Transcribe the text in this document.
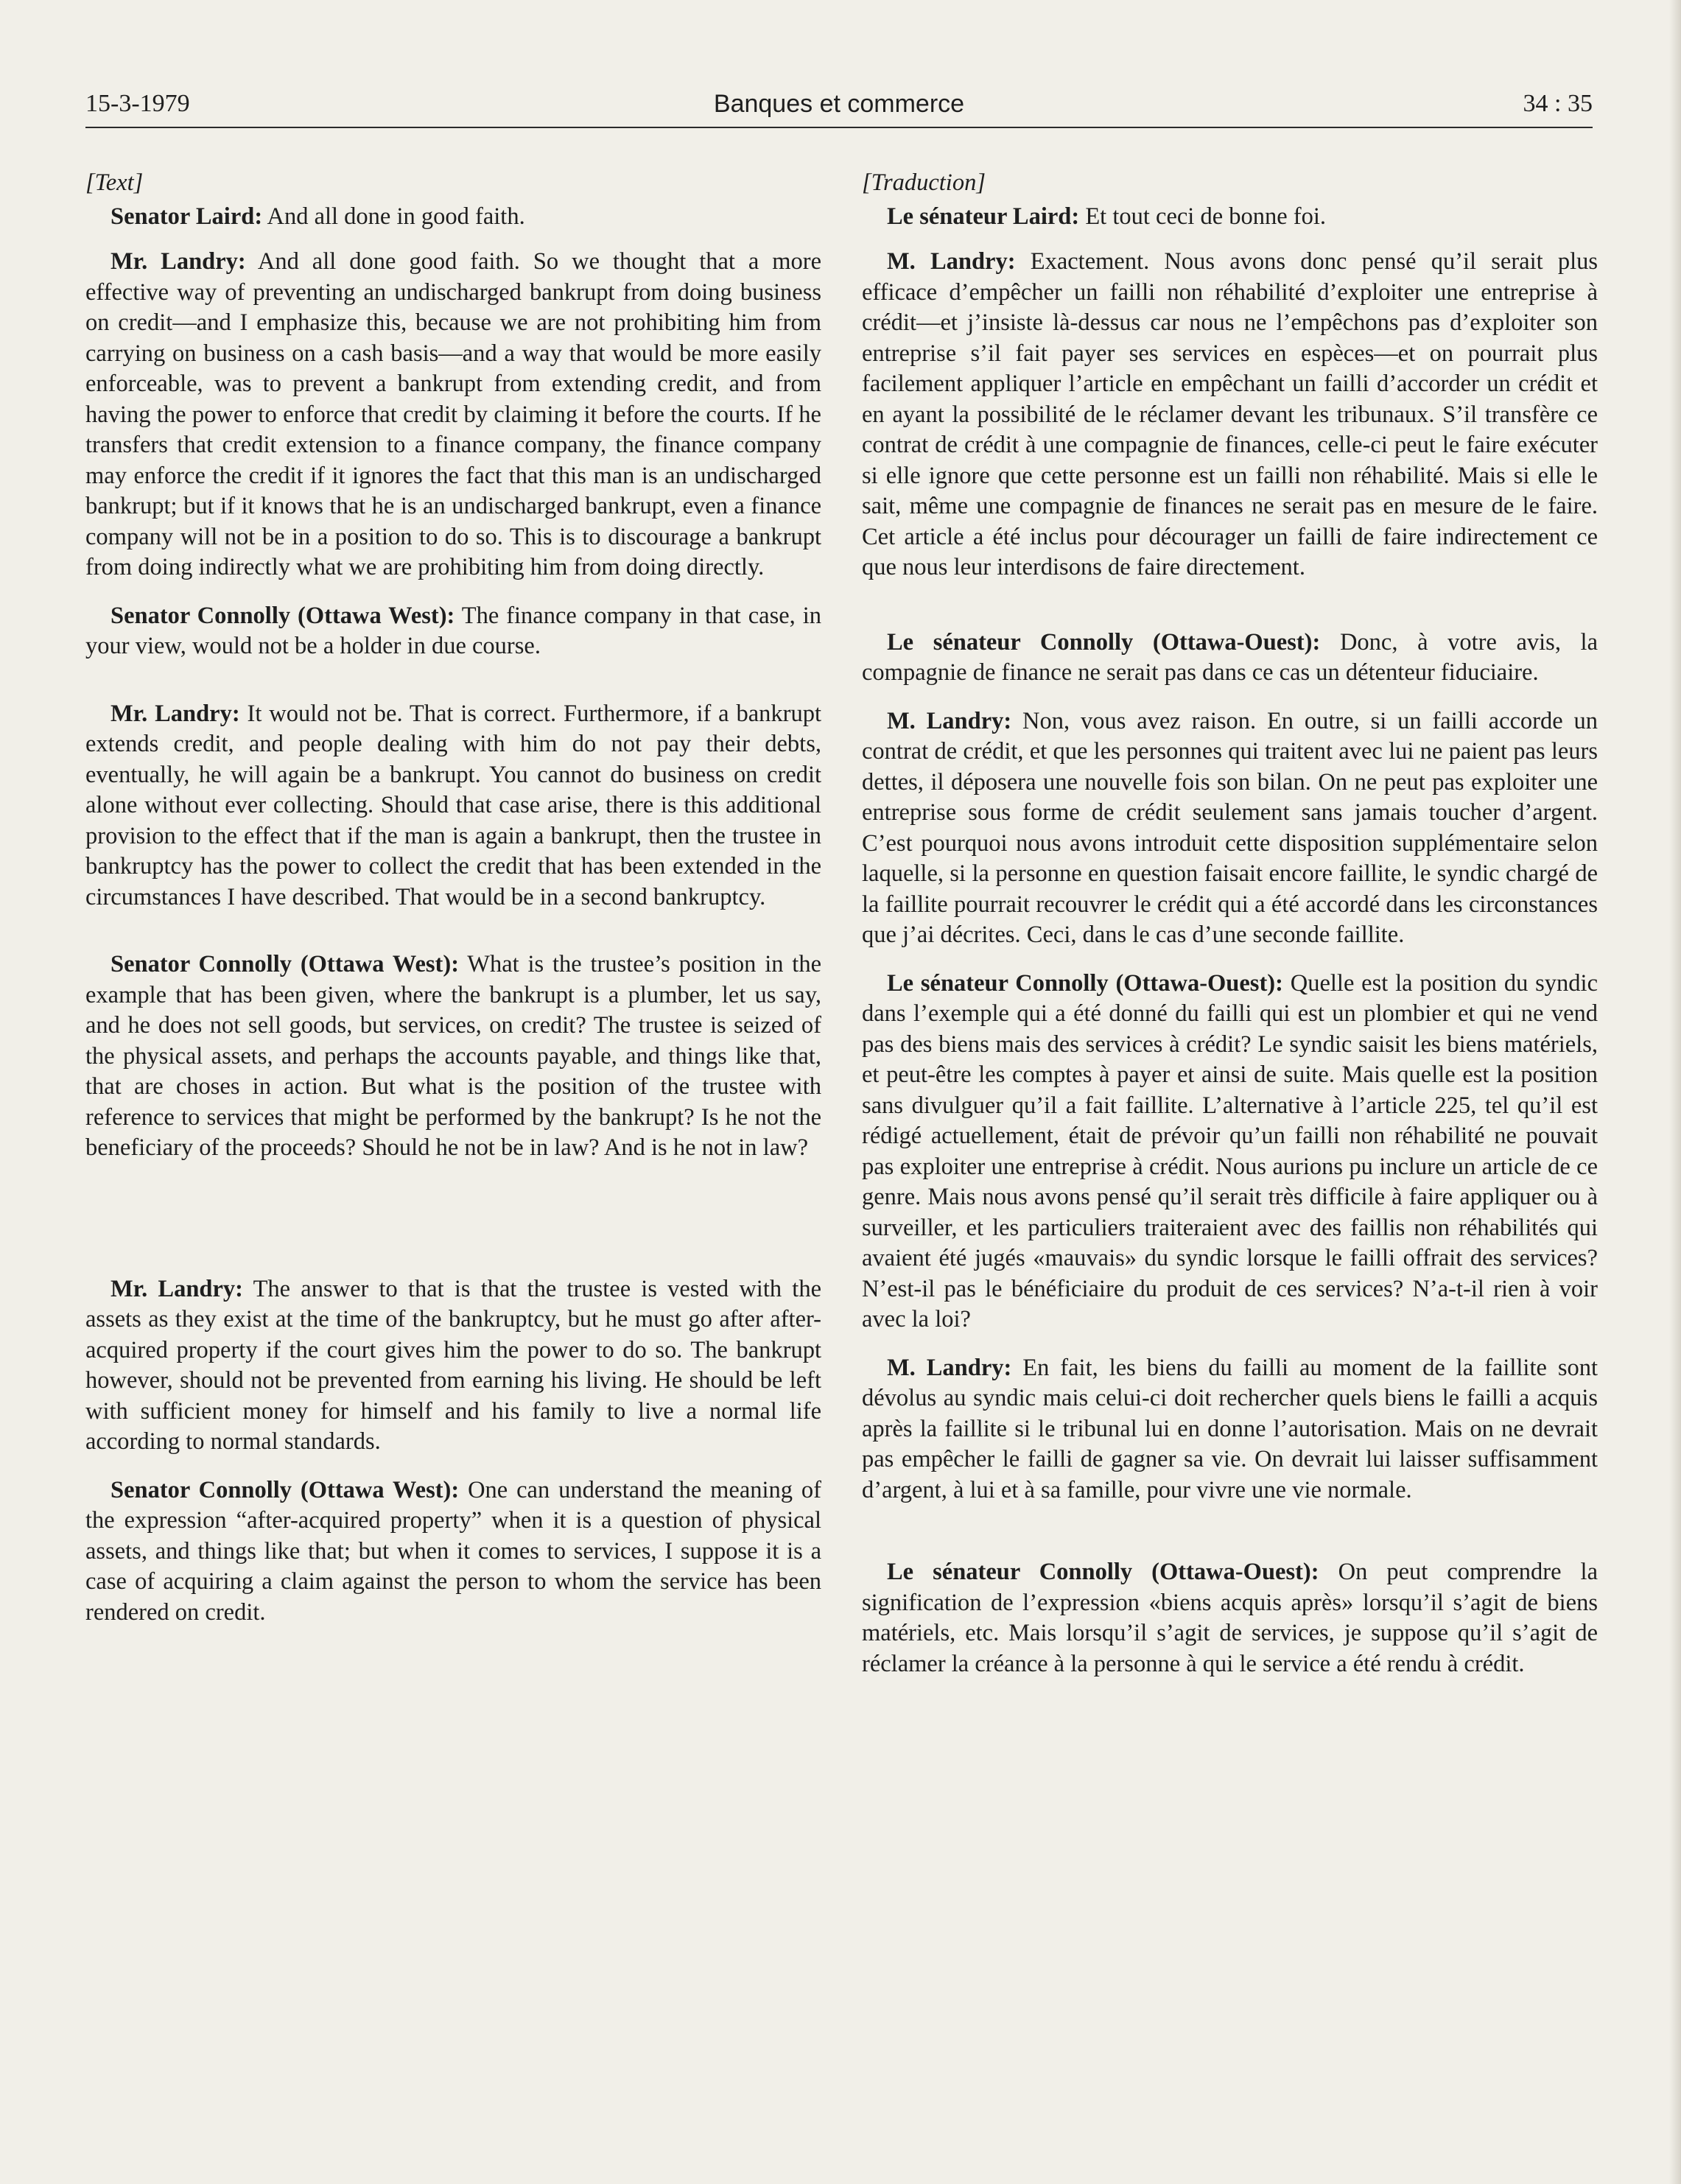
15-3-1979	Banques et commerce	34 : 35

[Text]

Senator Laird: And all done in good faith.

Mr. Landry: And all done good faith. So we thought that a more effective way of preventing an undischarged bankrupt from doing business on credit—and I emphasize this, because we are not prohibiting him from carrying on business on a cash basis—and a way that would be more easily enforceable, was to prevent a bankrupt from extending credit, and from having the power to enforce that credit by claiming it before the courts. If he transfers that credit extension to a finance company, the finance company may enforce the credit if it ignores the fact that this man is an undischarged bankrupt; but if it knows that he is an undischarged bankrupt, even a finance company will not be in a position to do so. This is to discourage a bankrupt from doing indirectly what we are prohibiting him from doing directly.

Senator Connolly (Ottawa West): The finance company in that case, in your view, would not be a holder in due course.

Mr. Landry: It would not be. That is correct. Furthermore, if a bankrupt extends credit, and people dealing with him do not pay their debts, eventually, he will again be a bankrupt. You cannot do business on credit alone without ever collecting. Should that case arise, there is this additional provision to the effect that if the man is again a bankrupt, then the trustee in bankruptcy has the power to collect the credit that has been extended in the circumstances I have described. That would be in a second bankruptcy.

Senator Connolly (Ottawa West): What is the trustee’s position in the example that has been given, where the bankrupt is a plumber, let us say, and he does not sell goods, but services, on credit? The trustee is seized of the physical assets, and perhaps the accounts payable, and things like that, that are choses in action. But what is the position of the trustee with reference to services that might be performed by the bankrupt? Is he not the beneficiary of the proceeds? Should he not be in law? And is he not in law?

Mr. Landry: The answer to that is that the trustee is vested with the assets as they exist at the time of the bankruptcy, but he must go after after-acquired property if the court gives him the power to do so. The bankrupt however, should not be prevented from earning his living. He should be left with sufficient money for himself and his family to live a normal life according to normal standards.

Senator Connolly (Ottawa West): One can understand the meaning of the expression “after-acquired property” when it is a question of physical assets, and things like that; but when it comes to services, I suppose it is a case of acquiring a claim against the person to whom the service has been rendered on credit.

[Traduction]

Le sénateur Laird: Et tout ceci de bonne foi.

M. Landry: Exactement. Nous avons donc pensé qu’il serait plus efficace d’empêcher un failli non réhabilité d’exploiter une entreprise à crédit—et j’insiste là-dessus car nous ne l’empêchons pas d’exploiter son entreprise s’il fait payer ses services en espèces—et on pourrait plus facilement appliquer l’article en empêchant un failli d’accorder un crédit et en ayant la possibilité de le réclamer devant les tribunaux. S’il transfère ce contrat de crédit à une compagnie de finances, celle-ci peut le faire exécuter si elle ignore que cette personne est un failli non réhabilité. Mais si elle le sait, même une compagnie de finances ne serait pas en mesure de le faire. Cet article a été inclus pour décourager un failli de faire indirectement ce que nous leur interdisons de faire directement.

Le sénateur Connolly (Ottawa-Ouest): Donc, à votre avis, la compagnie de finance ne serait pas dans ce cas un détenteur fiduciaire.

M. Landry: Non, vous avez raison. En outre, si un failli accorde un contrat de crédit, et que les personnes qui traitent avec lui ne paient pas leurs dettes, il déposera une nouvelle fois son bilan. On ne peut pas exploiter une entreprise sous forme de crédit seulement sans jamais toucher d’argent. C’est pourquoi nous avons introduit cette disposition supplémentaire selon laquelle, si la personne en question faisait encore faillite, le syndic chargé de la faillite pourrait recouvrer le crédit qui a été accordé dans les circonstances que j’ai décrites. Ceci, dans le cas d’une seconde faillite.

Le sénateur Connolly (Ottawa-Ouest): Quelle est la position du syndic dans l’exemple qui a été donné du failli qui est un plombier et qui ne vend pas des biens mais des services à crédit? Le syndic saisit les biens matériels, et peut-être les comptes à payer et ainsi de suite. Mais quelle est la position sans divulguer qu’il a fait faillite. L’alternative à l’article 225, tel qu’il est rédigé actuellement, était de prévoir qu’un failli non réhabilité ne pouvait pas exploiter une entreprise à crédit. Nous aurions pu inclure un article de ce genre. Mais nous avons pensé qu’il serait très difficile à faire appliquer ou à surveiller, et les particuliers traiteraient avec des faillis non réhabilités qui avaient été jugés «mauvais» du syndic lorsque le failli offrait des services? N’est-il pas le bénéficiaire du produit de ces services? N’a-t-il rien à voir avec la loi?

M. Landry: En fait, les biens du failli au moment de la faillite sont dévolus au syndic mais celui-ci doit rechercher quels biens le failli a acquis après la faillite si le tribunal lui en donne l’autorisation. Mais on ne devrait pas empêcher le failli de gagner sa vie. On devrait lui laisser suffisamment d’argent, à lui et à sa famille, pour vivre une vie normale.

Le sénateur Connolly (Ottawa-Ouest): On peut comprendre la signification de l’expression «biens acquis après» lorsqu’il s’agit de biens matériels, etc. Mais lorsqu’il s’agit de services, je suppose qu’il s’agit de réclamer la créance à la personne à qui le service a été rendu à crédit.
